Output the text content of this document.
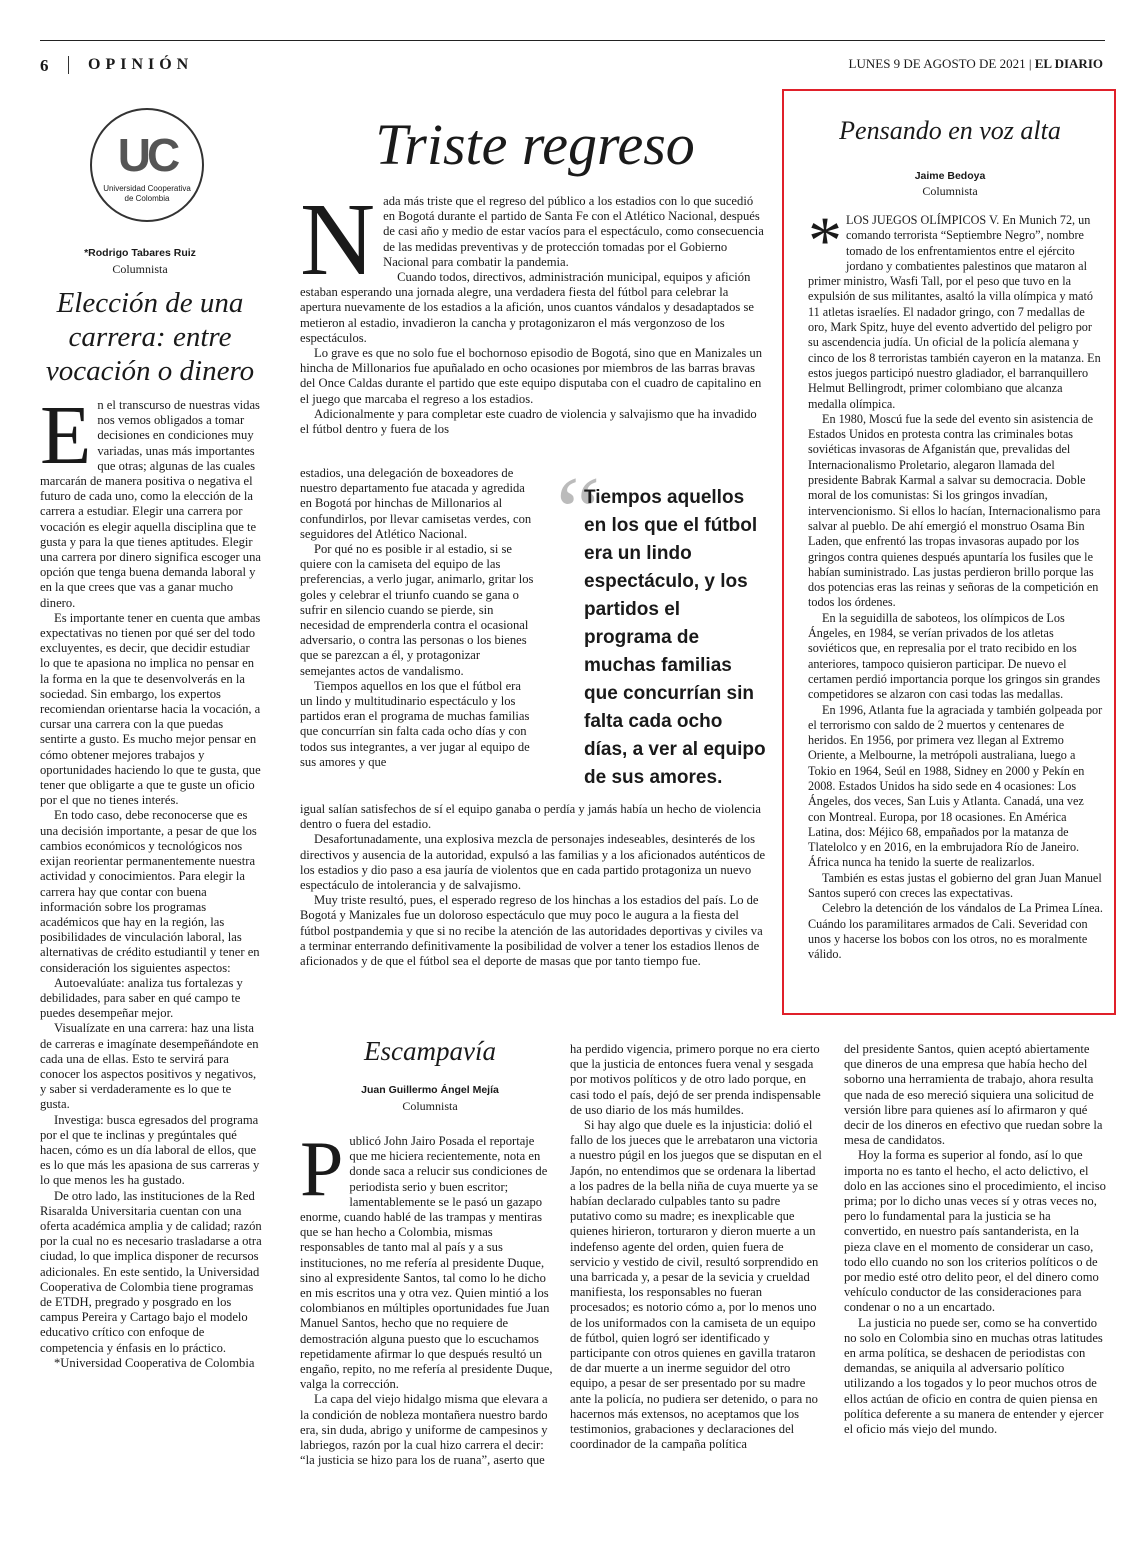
6 OPINIÓN	LUNES 9 DE AGOSTO DE 2021 | EL DIARIO
UC
Universidad Cooperativa
de Colombia
*Rodrigo Tabares Ruiz
Columnista
Elección de una carrera: entre vocación o dinero
E n el transcurso de nuestras vidas nos vemos obligados a tomar decisiones en condiciones muy variadas, unas más importantes que otras; algunas de las cuales marcarán de manera positiva o negativa el futuro de cada uno, como la elección de la carrera a estudiar. Elegir una carrera por vocación es elegir aquella disciplina que te gusta y para la que tienes aptitudes. Elegir una carrera por dinero significa escoger una opción que tenga buena demanda laboral y en la que crees que vas a ganar mucho dinero.

Es importante tener en cuenta que ambas expectativas no tienen por qué ser del todo excluyentes, es decir, que decidir estudiar lo que te apasiona no implica no pensar en la forma en la que te desenvolverás en la sociedad. Sin embargo, los expertos recomiendan orientarse hacia la vocación, a cursar una carrera con la que puedas sentirte a gusto. Es mucho mejor pensar en cómo obtener mejores trabajos y oportunidades haciendo lo que te gusta, que tener que obligarte a que te guste un oficio por el que no tienes interés.

En todo caso, debe reconocerse que es una decisión importante, a pesar de que los cambios económicos y tecnológicos nos exijan reorientar permanentemente nuestra actividad y conocimientos. Para elegir la carrera hay que contar con buena información sobre los programas académicos que hay en la región, las posibilidades de vinculación laboral, las alternativas de crédito estudiantil y tener en consideración los siguientes aspectos:

Autoevalúate: analiza tus fortalezas y debilidades, para saber en qué campo te puedes desempeñar mejor.

Visualízate en una carrera: haz una lista de carreras e imagínate desempeñándote en cada una de ellas. Esto te servirá para conocer los aspectos positivos y negativos, y saber si verdaderamente es lo que te gusta.

Investiga: busca egresados del programa por el que te inclinas y pregúntales qué hacen, cómo es un día laboral de ellos, que es lo que más les apasiona de sus carreras y lo que menos les ha gustado.

De otro lado, las instituciones de la Red Risaralda Universitaria cuentan con una oferta académica amplia y de calidad; razón por la cual no es necesario trasladarse a otra ciudad, lo que implica disponer de recursos adicionales. En este sentido, la Universidad Cooperativa de Colombia tiene programas de ETDH, pregrado y posgrado en los campus Pereira y Cartago bajo el modelo educativo crítico con enfoque de competencia y énfasis en lo práctico.

*Universidad Cooperativa de Colombia

Triste regreso
N ada más triste que el regreso del público a los estadios con lo que sucedió en Bogotá durante el partido de Santa Fe con el Atlético Nacional, después de casi año y medio de estar vacíos para el espectáculo, como consecuencia de las medidas preventivas y de protección tomadas por el Gobierno Nacional para combatir la pandemia.

Cuando todos, directivos, administración municipal, equipos y afición estaban esperando una jornada alegre, una verdadera fiesta del fútbol para celebrar la apertura nuevamente de los estadios a la afición, unos cuantos vándalos y desadaptados se metieron al estadio, invadieron la cancha y protagonizaron el más vergonzoso de los espectáculos.

Lo grave es que no solo fue el bochornoso episodio de Bogotá, sino que en Manizales un hincha de Millonarios fue apuñalado en ocho ocasiones por miembros de las barras bravas del Once Caldas durante el partido que este equipo disputaba con el cuadro de capitalino en el juego que marcaba el regreso a los estadios.

Adicionalmente y para completar este cuadro de violencia y salvajismo que ha invadido el fútbol dentro y fuera de los

estadios, una delegación de boxeadores de nuestro departamento fue atacada y agredida en Bogotá por hinchas de Millonarios al confundirlos, por llevar camisetas verdes, con seguidores del Atlético Nacional.

Por qué no es posible ir al estadio, si se quiere con la camiseta del equipo de las preferencias, a verlo jugar, animarlo, gritar los goles y celebrar el triunfo cuando se gana o sufrir en silencio cuando se pierde, sin necesidad de emprenderla contra el ocasional adversario, o contra las personas o los bienes que se parezcan a él, y protagonizar semejantes actos de vandalismo.

Tiempos aquellos en los que el fútbol era un lindo y multitudinario espectáculo y los partidos eran el programa de muchas familias que concurrían sin falta cada ocho días y con todos sus integrantes, a ver jugar al equipo de sus amores y que

“
Tiempos aquellos en los que el fútbol era un lindo espectáculo, y los partidos el programa de muchas familias que concurrían sin falta cada ocho días, a ver al equipo de sus amores.

igual salían satisfechos de sí el equipo ganaba o perdía y jamás había un hecho de violencia dentro o fuera del estadio.

Desafortunadamente, una explosiva mezcla de personajes indeseables, desinterés de los directivos y ausencia de la autoridad, expulsó a las familias y a los aficionados auténticos de los estadios y dio paso a esa jauría de violentos que en cada partido protagoniza un nuevo espectáculo de intolerancia y de salvajismo.

Muy triste resultó, pues, el esperado regreso de los hinchas a los estadios del país. Lo de Bogotá y Manizales fue un doloroso espectáculo que muy poco le augura a la fiesta del fútbol postpandemia y que si no recibe la atención de las autoridades deportivas y civiles va a terminar enterrando definitivamente la posibilidad de volver a tener los estadios llenos de aficionados y de que el fútbol sea el deporte de masas que por tanto tiempo fue.

Pensando en voz alta
Jaime Bedoya
Columnista
* LOS JUEGOS OLÍMPICOS V. En Munich 72, un comando terrorista “Septiembre Negro”, nombre tomado de los enfrentamientos entre el ejército jordano y combatientes palestinos que mataron al primer ministro, Wasfi Tall, por el peso que tuvo en la expulsión de sus militantes, asaltó la villa olímpica y mató 11 atletas israelíes. El nadador gringo, con 7 medallas de oro, Mark Spitz, huye del evento advertido del peligro por su ascendencia judía. Un oficial de la policía alemana y cinco de los 8 terroristas también cayeron en la matanza. En estos juegos participó nuestro gladiador, el barranquillero Helmut Bellingrodt, primer colombiano que alcanza medalla olímpica.

En 1980, Moscú fue la sede del evento sin asistencia de Estados Unidos en protesta contra las criminales botas soviéticas invasoras de Afganistán que, prevalidas del Internacionalismo Proletario, alegaron llamada del presidente Babrak Karmal a salvar su democracia. Doble moral de los comunistas: Si los gringos invadían, intervencionismo. Si ellos lo hacían, Internacionalismo para salvar al pueblo. De ahí emergió el monstruo Osama Bin Laden, que enfrentó las tropas invasoras aupado por los gringos contra quienes después apuntaría los fusiles que le habían suministrado. Las justas perdieron brillo porque las dos potencias eras las reinas y señoras de la competición en todos los órdenes.

En la seguidilla de saboteos, los olímpicos de Los Ángeles, en 1984, se verían privados de los atletas soviéticos que, en represalia por el trato recibido en los anteriores, tampoco quisieron participar. De nuevo el certamen perdió importancia porque los gringos sin grandes competidores se alzaron con casi todas las medallas.

En 1996, Atlanta fue la agraciada y también golpeada por el terrorismo con saldo de 2 muertos y centenares de heridos. En 1956, por primera vez llegan al Extremo Oriente, a Melbourne, la metrópoli australiana, luego a Tokio en 1964, Seúl en 1988, Sidney en 2000 y Pekín en 2008. Estados Unidos ha sido sede en 4 ocasiones: Los Ángeles, dos veces, San Luis y Atlanta. Canadá, una vez con Montreal. Europa, por 18 ocasiones. En América Latina, dos: Méjico 68, empañados por la matanza de Tlatelolco y en 2016, en la embrujadora Río de Janeiro. África nunca ha tenido la suerte de realizarlos.

También es estas justas el gobierno del gran Juan Manuel Santos superó con creces las expectativas.

Celebro la detención de los vándalos de La Primea Línea. Cuándo los paramilitares armados de Cali. Severidad con unos y hacerse los bobos con los otros, no es moralmente válido.

Escampavía
Juan Guillermo Ángel Mejía
Columnista
P ublicó John Jairo Posada el reportaje que me hiciera recientemente, nota en donde saca a relucir sus condiciones de periodista serio y buen escritor; lamentablemente se le pasó un gazapo enorme, cuando hablé de las trampas y mentiras que se han hecho a Colombia, mismas responsables de tanto mal al país y a sus instituciones, no me refería al presidente Duque, sino al expresidente Santos, tal como lo he dicho en mis escritos una y otra vez. Quien mintió a los colombianos en múltiples oportunidades fue Juan Manuel Santos, hecho que no requiere de demostración alguna puesto que lo escuchamos repetidamente afirmar lo que después resultó un engaño, repito, no me refería al presidente Duque, valga la corrección.

La capa del viejo hidalgo misma que elevara a la condición de nobleza montañera nuestro bardo era, sin duda, abrigo y uniforme de campesinos y labriegos, razón por la cual hizo carrera el decir: “la justicia se hizo para los de ruana”, aserto que

ha perdido vigencia, primero porque no era cierto que la justicia de entonces fuera venal y sesgada por motivos políticos y de otro lado porque, en casi todo el país, dejó de ser prenda indispensable de uso diario de los más humildes.

Si hay algo que duele es la injusticia: dolió el fallo de los jueces que le arrebataron una victoria a nuestro púgil en los juegos que se disputan en el Japón, no entendimos que se ordenara la libertad a los padres de la bella niña de cuya muerte ya se habían declarado culpables tanto su padre putativo como su madre; es inexplicable que quienes hirieron, torturaron y dieron muerte a un indefenso agente del orden, quien fuera de servicio y vestido de civil, resultó sorprendido en una barricada y, a pesar de la sevicia y crueldad manifiesta, los responsables no fueran procesados; es notorio cómo a, por lo menos uno de los uniformados con la camiseta de un equipo de fútbol, quien logró ser identificado y participante con otros quienes en gavilla trataron de dar muerte a un inerme seguidor del otro equipo, a pesar de ser presentado por su madre ante la policía, no pudiera ser detenido, o para no hacernos más extensos, no aceptamos que los testimonios, grabaciones y declaraciones del coordinador de la campaña política

del presidente Santos, quien aceptó abiertamente que dineros de una empresa que había hecho del soborno una herramienta de trabajo, ahora resulta que nada de eso mereció siquiera una solicitud de versión libre para quienes así lo afirmaron y qué decir de los dineros en efectivo que ruedan sobre la mesa de candidatos.

Hoy la forma es superior al fondo, así lo que importa no es tanto el hecho, el acto delictivo, el dolo en las acciones sino el procedimiento, el inciso prima; por lo dicho unas veces sí y otras veces no, pero lo fundamental para la justicia se ha convertido, en nuestro país santanderista, en la pieza clave en el momento de considerar un caso, todo ello cuando no son los criterios políticos o de por medio esté otro delito peor, el del dinero como vehículo conductor de las consideraciones para condenar o no a un encartado.

La justicia no puede ser, como se ha convertido no solo en Colombia sino en muchas otras latitudes en arma política, se deshacen de periodistas con demandas, se aniquila al adversario político utilizando a los togados y lo peor muchos otros de ellos actúan de oficio en contra de quien piensa en política deferente a su manera de entender y ejercer el oficio más viejo del mundo.
